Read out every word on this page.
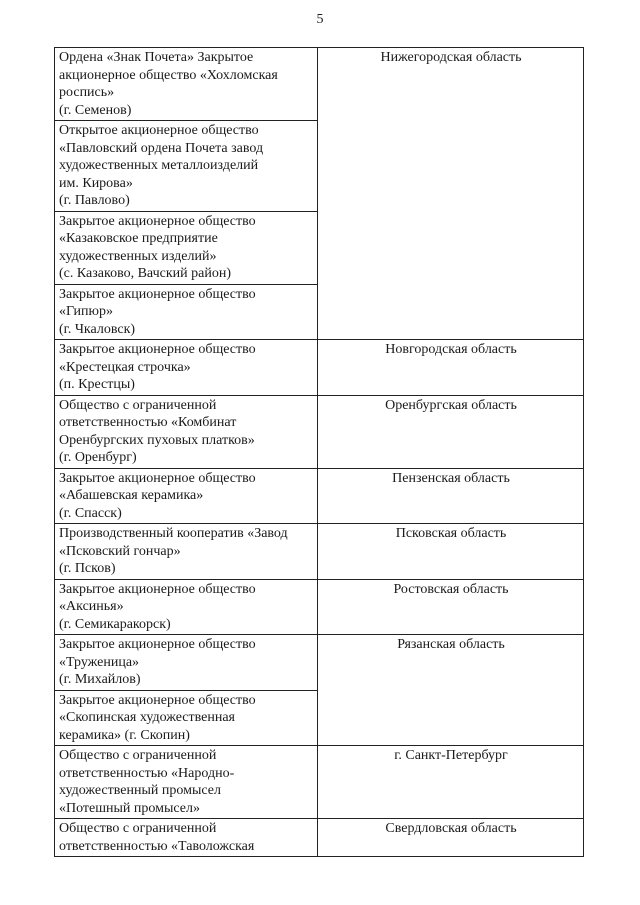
5
Ордена «Знак Почета» Закрытое
акционерное общество «Хохломская
роспись»
(г. Семенов)	Нижегородская область

Открытое акционерное общество
«Павловский ордена Почета завод
художественных металлоизделий
им. Кирова»
(г. Павлово)	

Закрытое акционерное общество
«Казаковское предприятие
художественных изделий»
(с. Казаково, Вачский район)	

Закрытое акционерное общество
«Гипюр»
(г. Чкаловск)	

Закрытое акционерное общество
«Крестецкая строчка»
(п. Крестцы)	Новгородская область

Общество с ограниченной
ответственностью «Комбинат
Оренбургских пуховых платков»
(г. Оренбург)	Оренбургская область

Закрытое акционерное общество
«Абашевская керамика»
(г. Спасск)	Пензенская область

Производственный кооператив «Завод
«Псковский гончар»
(г. Псков)	Псковская область

Закрытое акционерное общество
«Аксинья»
(г. Семикаракорск)	Ростовская область

Закрытое акционерное общество
«Труженица»
(г. Михайлов)	Рязанская область

Закрытое акционерное общество
«Скопинская художественная
керамика» (г. Скопин)	

Общество с ограниченной
ответственностью «Народно-
художественный промысел
«Потешный промысел»	г. Санкт-Петербург

Общество с ограниченной
ответственностью «Таволожская	Свердловская область
